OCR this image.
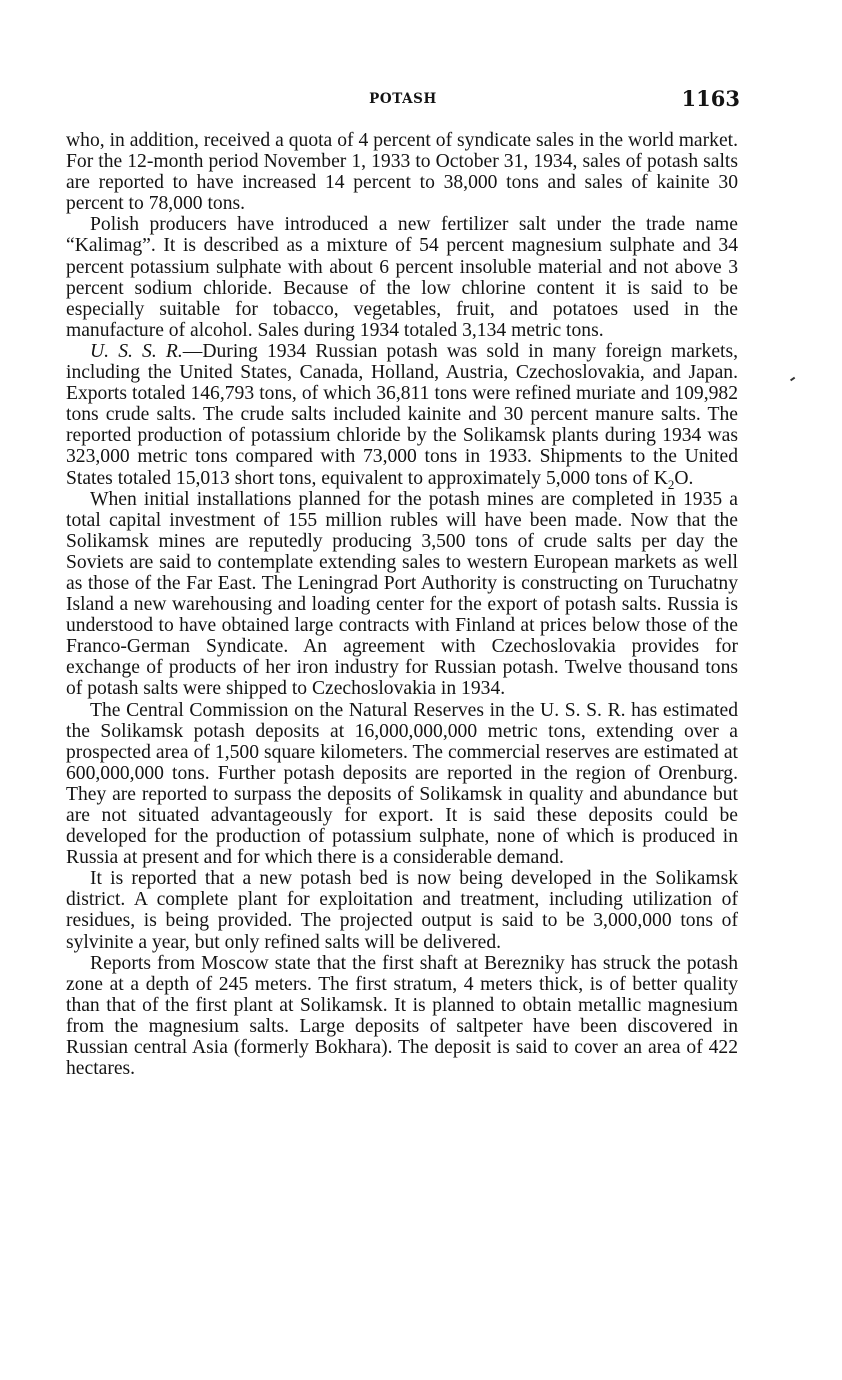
POTASH	1163

who, in addition, received a quota of 4 percent of syndicate sales in the world market. For the 12-month period November 1, 1933 to October 31, 1934, sales of potash salts are reported to have increased 14 percent to 38,000 tons and sales of kainite 30 percent to 78,000 tons.

Polish producers have introduced a new fertilizer salt under the trade name “Kalimag”. It is described as a mixture of 54 percent magnesium sulphate and 34 percent potassium sulphate with about 6 percent insoluble material and not above 3 percent sodium chloride. Because of the low chlorine content it is said to be especially suitable for tobacco, vegetables, fruit, and potatoes used in the manufacture of alcohol. Sales during 1934 totaled 3,134 metric tons.

U. S. S. R.—During 1934 Russian potash was sold in many foreign markets, including the United States, Canada, Holland, Austria, Czechoslovakia, and Japan. Exports totaled 146,793 tons, of which 36,811 tons were refined muriate and 109,982 tons crude salts. The crude salts included kainite and 30 percent manure salts. The reported production of potassium chloride by the Solikamsk plants during 1934 was 323,000 metric tons compared with 73,000 tons in 1933. Shipments to the United States totaled 15,013 short tons, equivalent to approximately 5,000 tons of $K_2O$.

When initial installations planned for the potash mines are completed in 1935 a total capital investment of 155 million rubles will have been made. Now that the Solikamsk mines are reputedly producing 3,500 tons of crude salts per day the Soviets are said to contemplate extending sales to western European markets as well as those of the Far East. The Leningrad Port Authority is constructing on Turuchatny Island a new warehousing and loading center for the export of potash salts. Russia is understood to have obtained large contracts with Finland at prices below those of the Franco-German Syndicate. An agreement with Czechoslovakia provides for exchange of products of her iron industry for Russian potash. Twelve thousand tons of potash salts were shipped to Czechoslovakia in 1934.

The Central Commission on the Natural Reserves in the U. S. S. R. has estimated the Solikamsk potash deposits at 16,000,000,000 metric tons, extending over a prospected area of 1,500 square kilometers. The commercial reserves are estimated at 600,000,000 tons. Further potash deposits are reported in the region of Orenburg. They are reported to surpass the deposits of Solikamsk in quality and abundance but are not situated advantageously for export. It is said these deposits could be developed for the production of potassium sulphate, none of which is produced in Russia at present and for which there is a considerable demand.

It is reported that a new potash bed is now being developed in the Solikamsk district. A complete plant for exploitation and treatment, including utilization of residues, is being provided. The projected output is said to be 3,000,000 tons of sylvinite a year, but only refined salts will be delivered.

Reports from Moscow state that the first shaft at Berezniky has struck the potash zone at a depth of 245 meters. The first stratum, 4 meters thick, is of better quality than that of the first plant at Solikamsk. It is planned to obtain metallic magnesium from the magnesium salts. Large deposits of saltpeter have been discovered in Russian central Asia (formerly Bokhara). The deposit is said to cover an area of 422 hectares.
